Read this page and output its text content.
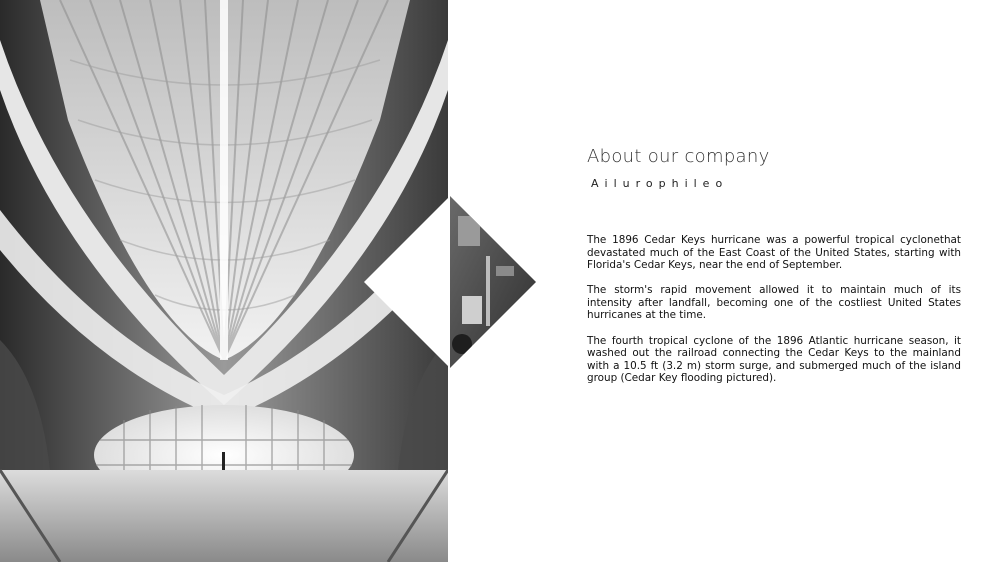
About our company
Ailurophileo

The 1896 Cedar Keys hurricane was a powerful tropical cyclonethat devastated much of the East Coast of the United States, starting with Florida's Cedar Keys, near the end of September.

The storm's rapid movement allowed it to maintain much of its intensity after landfall, becoming one of the costliest United States hurricanes at the time.

The fourth tropical cyclone of the 1896 Atlantic hurricane season, it washed out the railroad connecting the Cedar Keys to the mainland with a 10.5 ft (3.2 m) storm surge, and submerged much of the island group (Cedar Key flooding pictured).
